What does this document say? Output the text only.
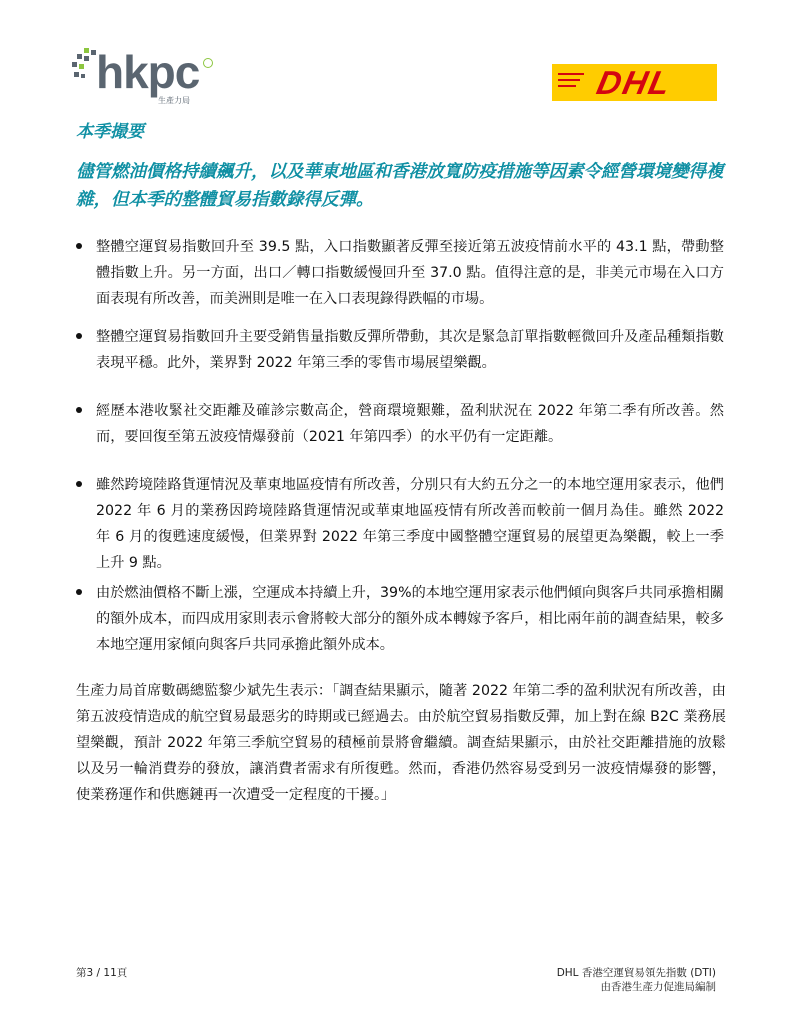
hkpc
生產力局	DHL
本季撮要
儘管燃油價格持續飆升，以及華東地區和香港放寬防疫措施等因素令經營環境變得複雜，但本季的整體貿易指數錄得反彈。
整體空運貿易指數回升至 39.5 點，入口指數顯著反彈至接近第五波疫情前水平的 43.1 點，帶動整體指數上升。另一方面，出口／轉口指數緩慢回升至 37.0 點。值得注意的是，非美元市場在入口方面表現有所改善，而美洲則是唯一在入口表現錄得跌幅的市場。
整體空運貿易指數回升主要受銷售量指數反彈所帶動，其次是緊急訂單指數輕微回升及產品種類指數表現平穩。此外，業界對 2022 年第三季的零售市場展望樂觀。
經歷本港收緊社交距離及確診宗數高企，營商環境艱難，盈利狀況在 2022 年第二季有所改善。然而，要回復至第五波疫情爆發前（2021 年第四季）的水平仍有一定距離。
雖然跨境陸路貨運情況及華東地區疫情有所改善，分別只有大約五分之一的本地空運用家表示，他們 2022 年 6 月的業務因跨境陸路貨運情況或華東地區疫情有所改善而較前一個月為佳。雖然 2022 年 6 月的復甦速度緩慢，但業界對 2022 年第三季度中國整體空運貿易的展望更為樂觀，較上一季上升 9 點。
由於燃油價格不斷上漲，空運成本持續上升，39%的本地空運用家表示他們傾向與客戶共同承擔相關的額外成本，而四成用家則表示會將較大部分的額外成本轉嫁予客戶，相比兩年前的調查結果，較多本地空運用家傾向與客戶共同承擔此額外成本。
生產力局首席數碼總監黎少斌先生表示：「調查結果顯示，隨著 2022 年第二季的盈利狀況有所改善，由第五波疫情造成的航空貿易最惡劣的時期或已經過去。由於航空貿易指數反彈，加上對在線 B2C 業務展望樂觀，預計 2022 年第三季航空貿易的積極前景將會繼續。調查結果顯示，由於社交距離措施的放鬆以及另一輪消費券的發放，讓消費者需求有所復甦。然而，香港仍然容易受到另一波疫情爆發的影響，使業務運作和供應鏈再一次遭受一定程度的干擾。」
第3 / 11頁	DHL 香港空運貿易領先指數 (DTI)
由香港生產力促進局編制
